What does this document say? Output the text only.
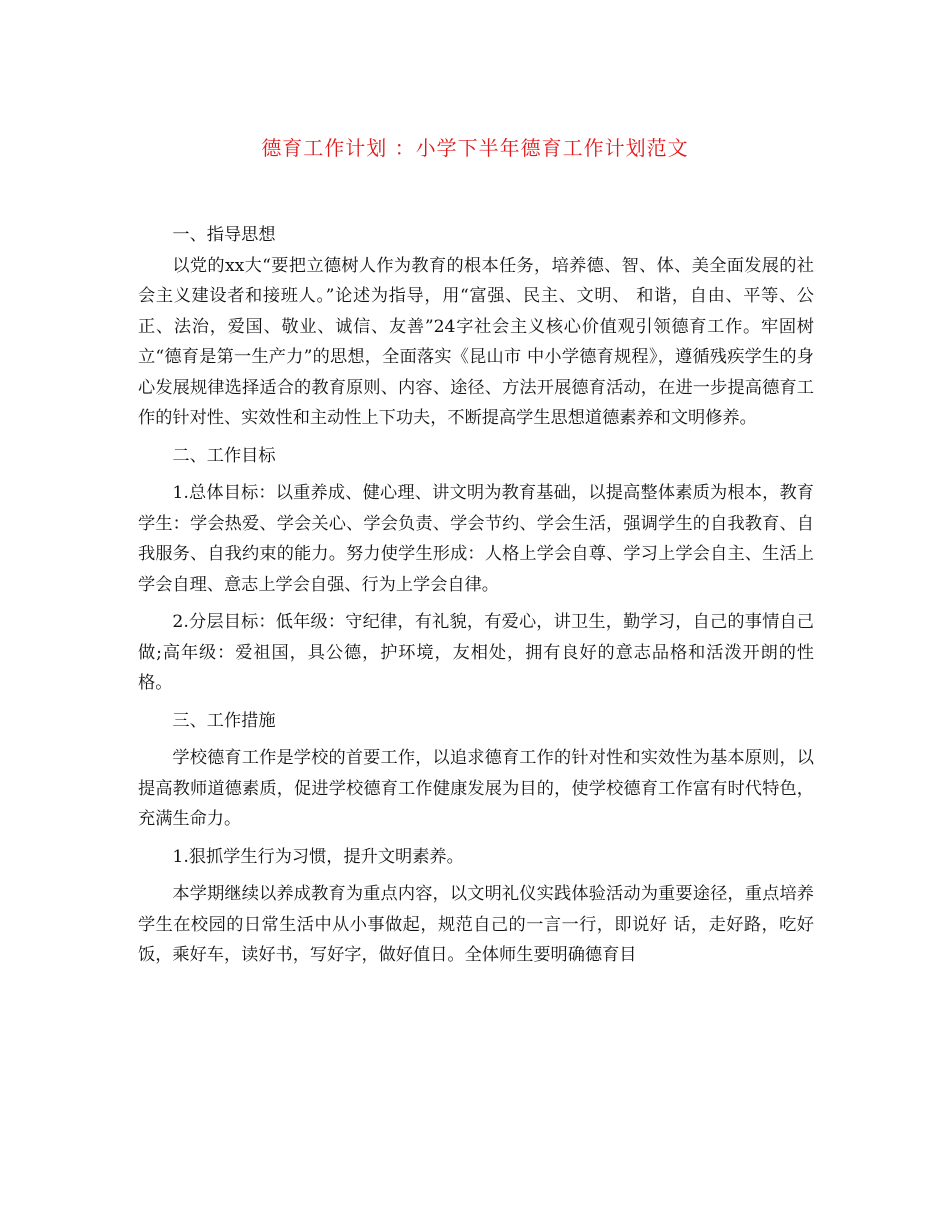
德育工作计划 ：小学下半年德育工作计划范文

一、指导思想

以党的xx大“要把立德树人作为教育的根本任务，培养德、智、体、美全面发展的社会主义建设者和接班人。”论述为指导，用“富强、民主、文明、 和谐，自由、平等、公正、法治，爱国、敬业、诚信、友善”24字社会主义核心价值观引领德育工作。牢固树立“德育是第一生产力”的思想，全面落实《昆山市 中小学德育规程》，遵循残疾学生的身心发展规律选择适合的教育原则、内容、途径、方法开展德育活动，在进一步提高德育工作的针对性、实效性和主动性上下功夫，不断提高学生思想道德素养和文明修养。

二、工作目标

1.总体目标：以重养成、健心理、讲文明为教育基础，以提高整体素质为根本，教育学生：学会热爱、学会关心、学会负责、学会节约、学会生活，强调学生的自我教育、自我服务、自我约束的能力。努力使学生形成：人格上学会自尊、学习上学会自主、生活上学会自理、意志上学会自强、行为上学会自律。

2.分层目标：低年级：守纪律，有礼貌，有爱心，讲卫生，勤学习，自己的事情自己做;高年级：爱祖国，具公德，护环境，友相处，拥有良好的意志品格和活泼开朗的性格。

三、工作措施

学校德育工作是学校的首要工作，以追求德育工作的针对性和实效性为基本原则，以提高教师道德素质，促进学校德育工作健康发展为目的，使学校德育工作富有时代特色，充满生命力。

1.狠抓学生行为习惯，提升文明素养。

本学期继续以养成教育为重点内容，以文明礼仪实践体验活动为重要途径，重点培养学生在校园的日常生活中从小事做起，规范自己的一言一行，即说好 话，走好路，吃好饭，乘好车，读好书，写好字，做好值日。全体师生要明确德育目
